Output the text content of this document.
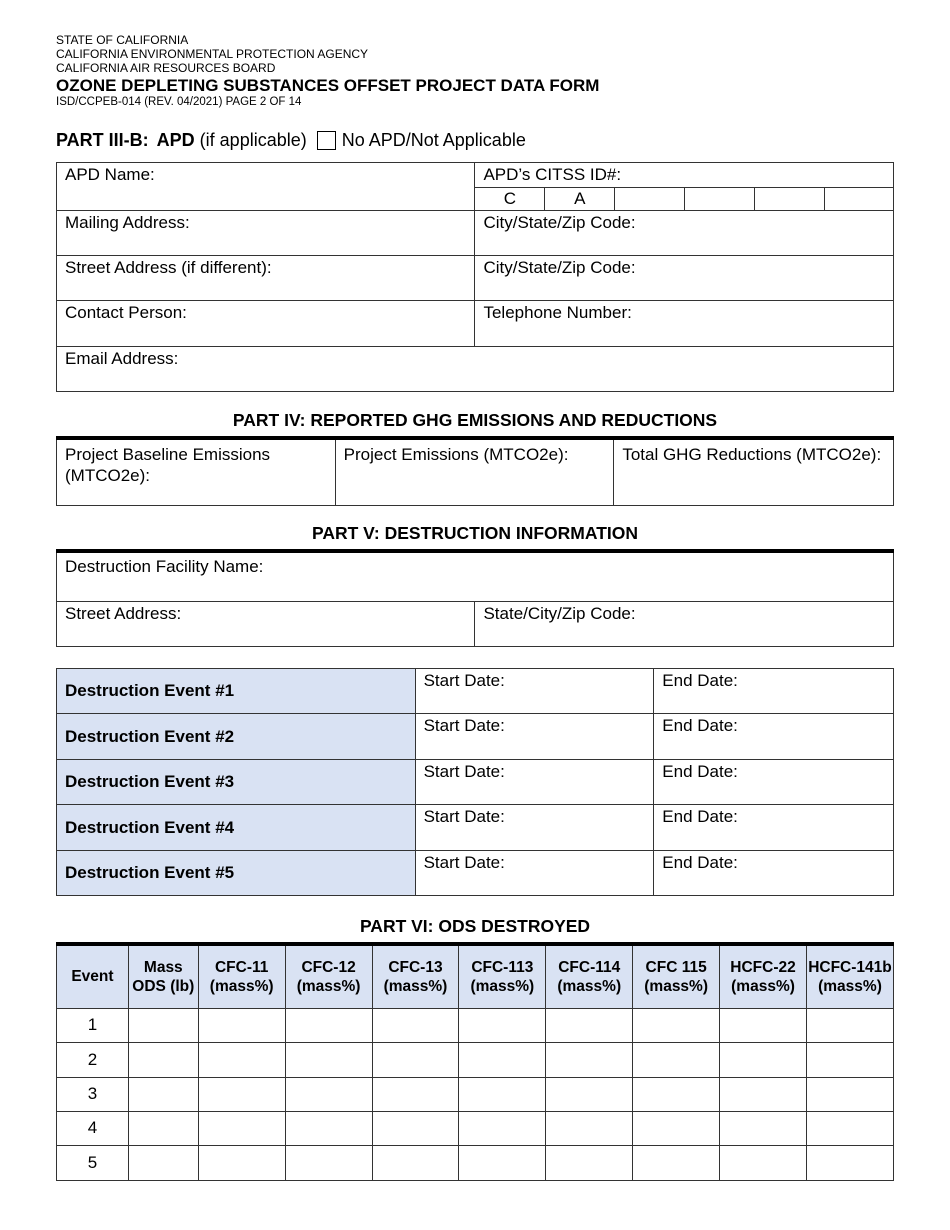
STATE OF CALIFORNIA
CALIFORNIA ENVIRONMENTAL PROTECTION AGENCY
CALIFORNIA AIR RESOURCES BOARD
OZONE DEPLETING SUBSTANCES OFFSET PROJECT DATA FORM
ISD/CCPEB-014 (REV. 04/2021) PAGE 2 OF 14
PART III-B: APD (if applicable) No APD/Not Applicable
APD Name:	APD’s CITSS ID#:					
	C	A				
Mailing Address:	City/State/Zip Code:					
Street Address (if different):	City/State/Zip Code:					
Contact Person:	Telephone Number:					
Email Address:						
PART IV: REPORTED GHG EMISSIONS AND REDUCTIONS
Project Baseline Emissions (MTCO2e):	Project Emissions (MTCO2e):	Total GHG Reductions (MTCO2e):
PART V: DESTRUCTION INFORMATION
Destruction Facility Name:
Street Address:	State/City/Zip Code:
Destruction Event #1	Start Date:	End Date:
Destruction Event #2	Start Date:	End Date:
Destruction Event #3	Start Date:	End Date:
Destruction Event #4	Start Date:	End Date:
Destruction Event #5	Start Date:	End Date:
PART VI: ODS DESTROYED
Event	Mass ODS (lb)	CFC-11 (mass%)	CFC-12 (mass%)	CFC-13 (mass%)	CFC-113 (mass%)	CFC-114 (mass%)	CFC 115 (mass%)	HCFC-22 (mass%)	HCFC-141b (mass%)
1									
2									
3									
4									
5									
